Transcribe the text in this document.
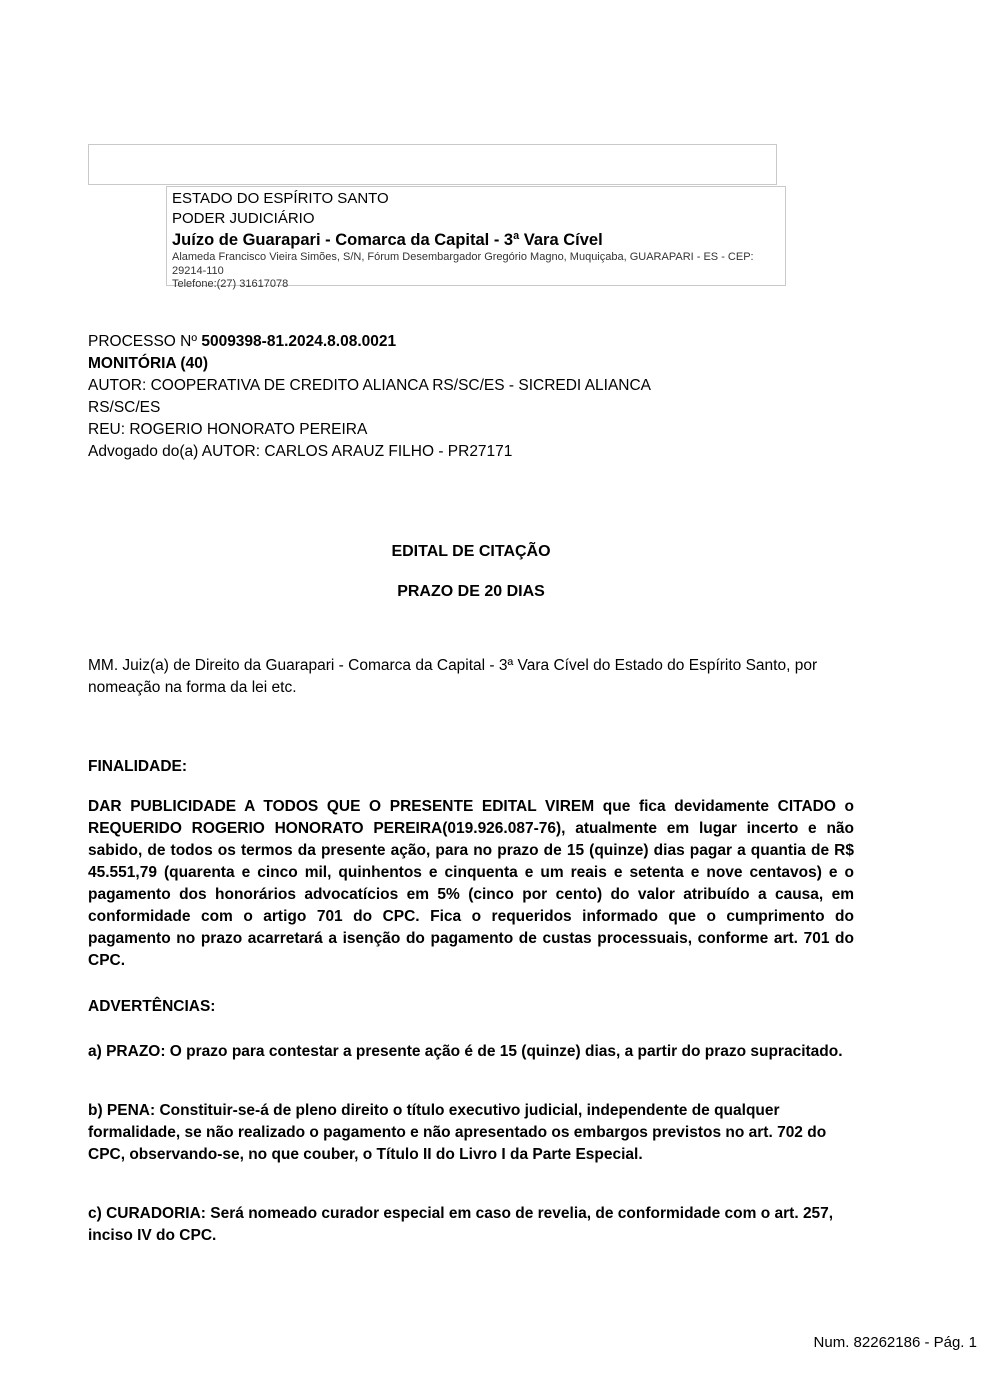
ESTADO DO ESPÍRITO SANTO
PODER JUDICIÁRIO
Juízo de Guarapari - Comarca da Capital - 3ª Vara Cível
Alameda Francisco Vieira Simões, S/N, Fórum Desembargador Gregório Magno, Muquiçaba, GUARAPARI - ES - CEP:
29214-110
Telefone:(27) 31617078
PROCESSO Nº 5009398-81.2024.8.08.0021
MONITÓRIA (40)
AUTOR: COOPERATIVA DE CREDITO ALIANCA RS/SC/ES - SICREDI ALIANCA
RS/SC/ES
REU: ROGERIO HONORATO PEREIRA
Advogado do(a) AUTOR: CARLOS ARAUZ FILHO - PR27171
EDITAL DE CITAÇÃO
PRAZO DE 20 DIAS
MM. Juiz(a) de Direito da Guarapari - Comarca da Capital - 3ª Vara Cível do Estado do Espírito Santo, por nomeação na forma da lei etc.
FINALIDADE:
DAR PUBLICIDADE A TODOS QUE O PRESENTE EDITAL VIREM que fica devidamente CITADO o REQUERIDO ROGERIO HONORATO PEREIRA(019.926.087-76), atualmente em lugar incerto e não sabido, de todos os termos da presente ação, para no prazo de 15 (quinze) dias pagar a quantia de R$ 45.551,79 (quarenta e cinco mil, quinhentos e cinquenta e um reais e setenta e nove centavos) e o pagamento dos honorários advocatícios em 5% (cinco por cento) do valor atribuído a causa, em conformidade com o artigo 701 do CPC. Fica o requeridos informado que o cumprimento do pagamento no prazo acarretará a isenção do pagamento de custas processuais, conforme art. 701 do CPC.
ADVERTÊNCIAS:
a) PRAZO: O prazo para contestar a presente ação é de 15 (quinze) dias, a partir do prazo supracitado.
b) PENA: Constituir-se-á de pleno direito o título executivo judicial, independente de qualquer formalidade, se não realizado o pagamento e não apresentado os embargos previstos no art. 702 do CPC, observando-se, no que couber, o Título II do Livro I da Parte Especial.
c) CURADORIA: Será nomeado curador especial em caso de revelia, de conformidade com o art. 257, inciso IV do CPC.
Num. 82262186 - Pág. 1
